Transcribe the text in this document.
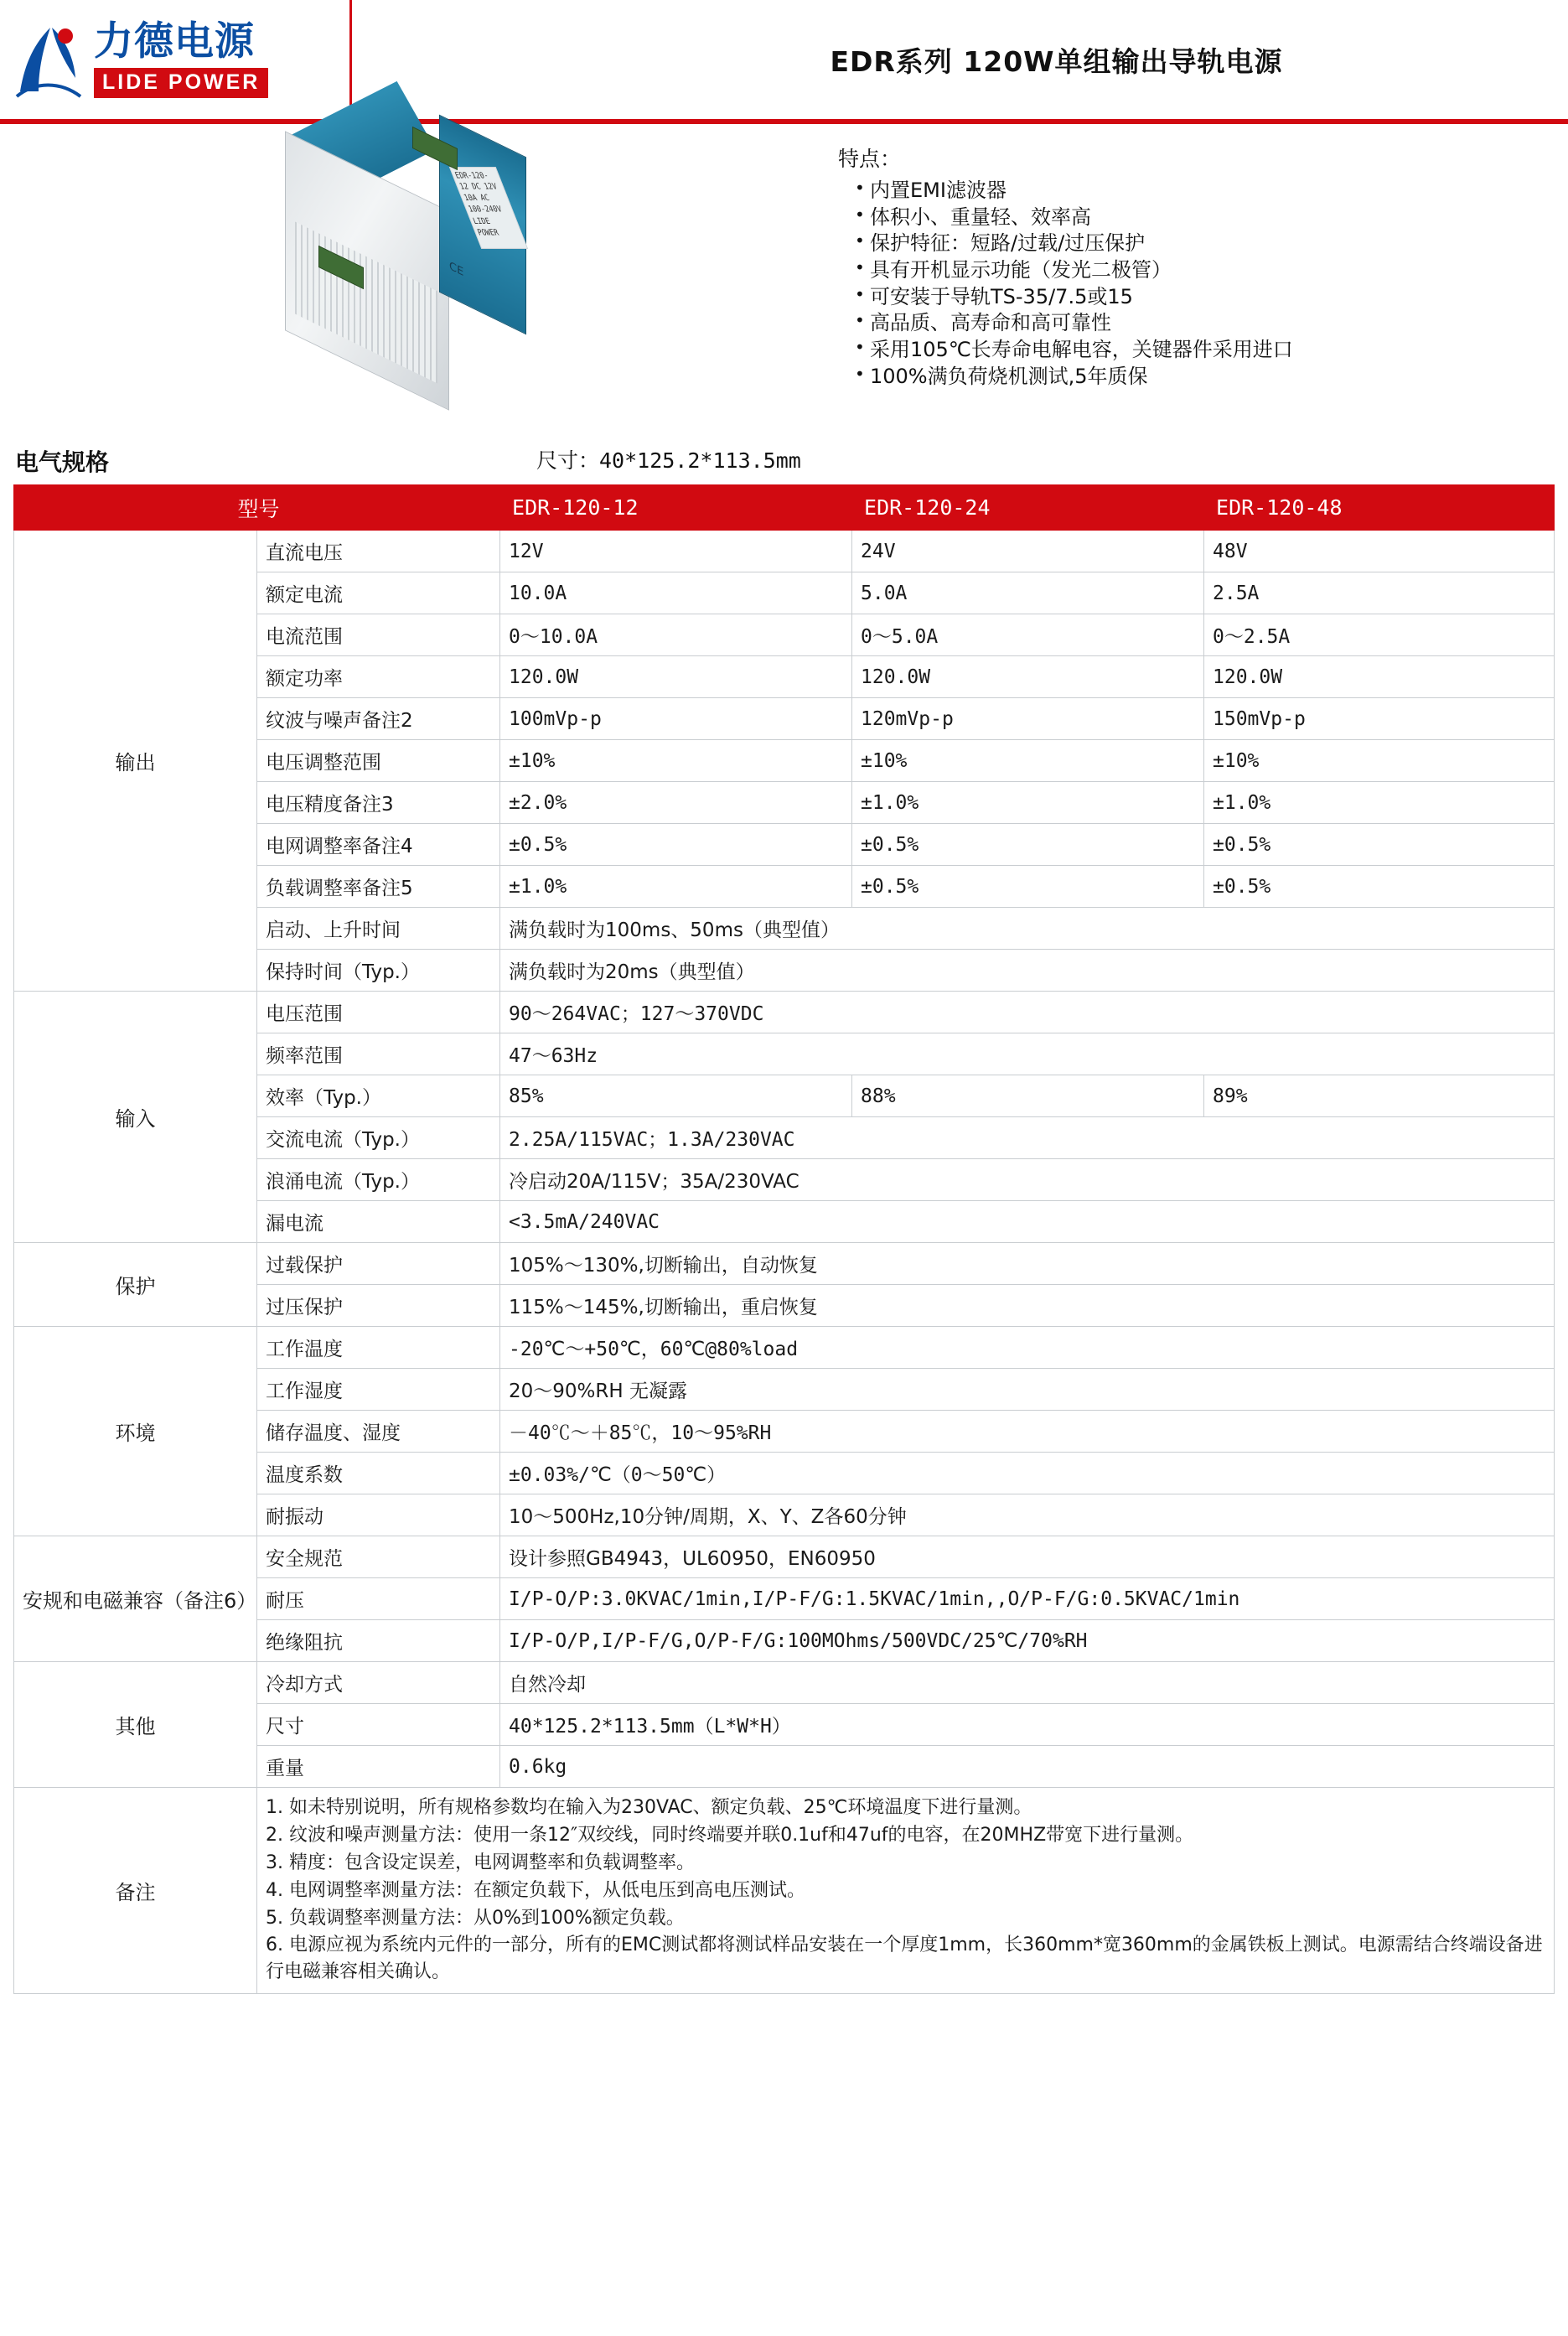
力德电源
LIDE POWER
EDR系列 120W单组输出导轨电源
EDR-120-12 DC 12V 10A AC 100-240V LIDE POWER
CE
特点：
• 内置EMI滤波器
• 体积小、重量轻、效率高
• 保护特征：短路/过载/过压保护
• 具有开机显示功能（发光二极管）
• 可安装于导轨TS-35/7.5或15
• 高品质、高寿命和高可靠性
• 采用105℃长寿命电解电容，关键器件采用进口
• 100%满负荷烧机测试,5年质保
电气规格	尺寸：40*125.2*113.5mm
型号		EDR-120-12	EDR-120-24	EDR-120-48
输出	直流电压	12V	24V	48V
	额定电流	10.0A	5.0A	2.5A
	电流范围	0～10.0A	0～5.0A	0～2.5A
	额定功率	120.0W	120.0W	120.0W
	纹波与噪声备注2	100mVp-p	120mVp-p	150mVp-p
	电压调整范围	±10%	±10%	±10%
	电压精度备注3	±2.0%	±1.0%	±1.0%
	电网调整率备注4	±0.5%	±0.5%	±0.5%
	负载调整率备注5	±1.0%	±0.5%	±0.5%
	启动、上升时间	满负载时为100ms、50ms（典型值）		
	保持时间（Typ.）	满负载时为20ms（典型值）		
输入	电压范围	90～264VAC；127～370VDC		
	频率范围	47～63Hz		
	效率（Typ.）	85%	88%	89%
	交流电流（Typ.）	2.25A/115VAC；1.3A/230VAC		
	浪涌电流（Typ.）	冷启动20A/115V；35A/230VAC		
	漏电流	<3.5mA/240VAC		
保护	过载保护	105%～130%,切断输出，自动恢复		
	过压保护	115%～145%,切断输出，重启恢复		
环境	工作温度	-20℃～+50℃，60℃@80%load		
	工作湿度	20～90%RH 无凝露		
	储存温度、湿度	－40℃～＋85℃，10～95%RH		
	温度系数	±0.03%/℃（0～50℃）		
	耐振动	10～500Hz,10分钟/周期，X、Y、Z各60分钟		
安规和电磁兼容（备注6）	安全规范	设计参照GB4943，UL60950，EN60950		
	耐压	I/P-O/P:3.0KVAC/1min,I/P-F/G:1.5KVAC/1min,,O/P-F/G:0.5KVAC/1min		
	绝缘阻抗	I/P-O/P,I/P-F/G,O/P-F/G:100MOhms/500VDC/25℃/70%RH		
其他	冷却方式	自然冷却		
	尺寸	40*125.2*113.5mm（L*W*H）		
	重量	0.6kg		
备注	
1. 如未特别说明，所有规格参数均在输入为230VAC、额定负载、25℃环境温度下进行量测。
2. 纹波和噪声测量方法：使用一条12″双绞线，同时终端要并联0.1uf和47uf的电容，在20MHZ带宽下进行量测。
3. 精度：包含设定误差，电网调整率和负载调整率。
4. 电网调整率测量方法：在额定负载下，从低电压到高电压测试。
5. 负载调整率测量方法：从0%到100%额定负载。
6. 电源应视为系统内元件的一部分，所有的EMC测试都将测试样品安装在一个厚度1mm，长360mm*宽360mm的金属铁板上测试。电源需结合终端设备进行电磁兼容相关确认。
